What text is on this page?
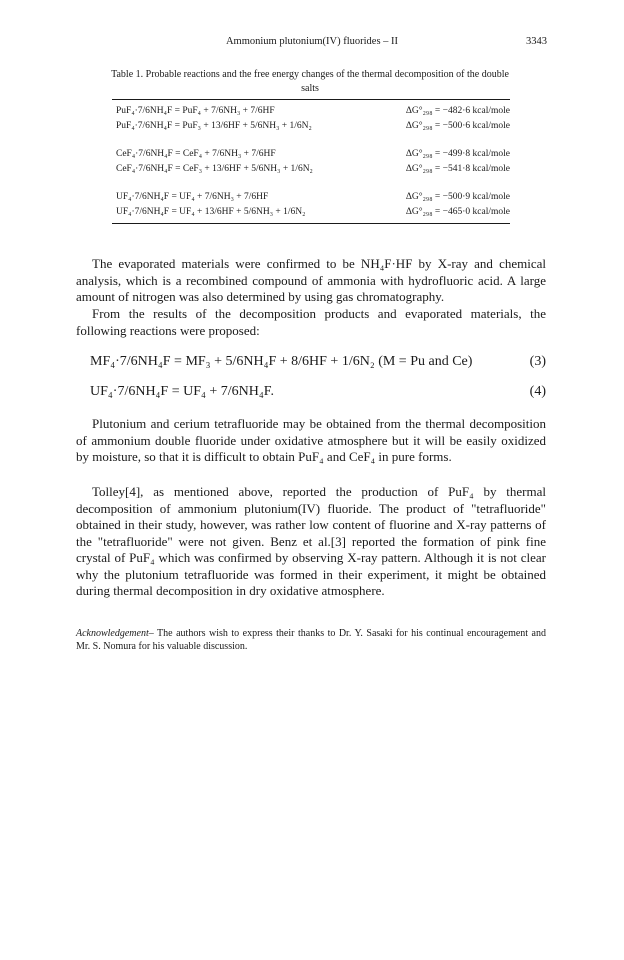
Ammonium plutonium(IV) fluorides – II	3343
Table 1. Probable reactions and the free energy changes of the thermal decomposition of the double salts
PuF₄·7/6NH₄F = PuF₄ + 7/6NH₃ + 7/6HF	ΔG°₂₉₈ = −482·6 kcal/mole
PuF₄·7/6NH₄F = PuF₃ + 13/6HF + 5/6NH₃ + 1/6N₂	ΔG°₂₉₈ = −500·6 kcal/mole
CeF₄·7/6NH₄F = CeF₄ + 7/6NH₃ + 7/6HF	ΔG°₂₉₈ = −499·8 kcal/mole
CeF₄·7/6NH₄F = CeF₃ + 13/6HF + 5/6NH₃ + 1/6N₂	ΔG°₂₉₈ = −541·8 kcal/mole
UF₄·7/6NH₄F = UF₄ + 7/6NH₃ + 7/6HF	ΔG°₂₉₈ = −500·9 kcal/mole
UF₄·7/6NH₄F = UF₄ + 13/6HF + 5/6NH₃ + 1/6N₂	ΔG°₂₉₈ = −465·0 kcal/mole
The evaporated materials were confirmed to be NH₄F·HF by X-ray and chemical analysis, which is a recombined compound of ammonia with hydrofluoric acid. A large amount of nitrogen was also determined by using gas chromatography.
From the results of the decomposition products and evaporated materials, the following reactions were proposed:
MF₄·7/6NH₄F = MF₃ + 5/6NH₄F + 8/6HF + 1/6N₂ (M = Pu and Ce)	(3)
UF₄·7/6NH₄F = UF₄ + 7/6NH₄F.	(4)
Plutonium and cerium tetrafluoride may be obtained from the thermal decomposition of ammonium double fluoride under oxidative atmosphere but it will be easily oxidized by moisture, so that it is difficult to obtain PuF₄ and CeF₄ in pure forms.
Tolley[4], as mentioned above, reported the production of PuF₄ by thermal decomposition of ammonium plutonium(IV) fluoride. The product of "tetrafluoride" obtained in their study, however, was rather low content of fluorine and X-ray patterns of the "tetrafluoride" were not given. Benz et al.[3] reported the formation of pink fine crystal of PuF₄ which was confirmed by observing X-ray pattern. Although it is not clear why the plutonium tetrafluoride was formed in their experiment, it might be obtained during thermal decomposition in dry oxidative atmosphere.
Acknowledgement– The authors wish to express their thanks to Dr. Y. Sasaki for his continual encouragement and Mr. S. Nomura for his valuable discussion.
